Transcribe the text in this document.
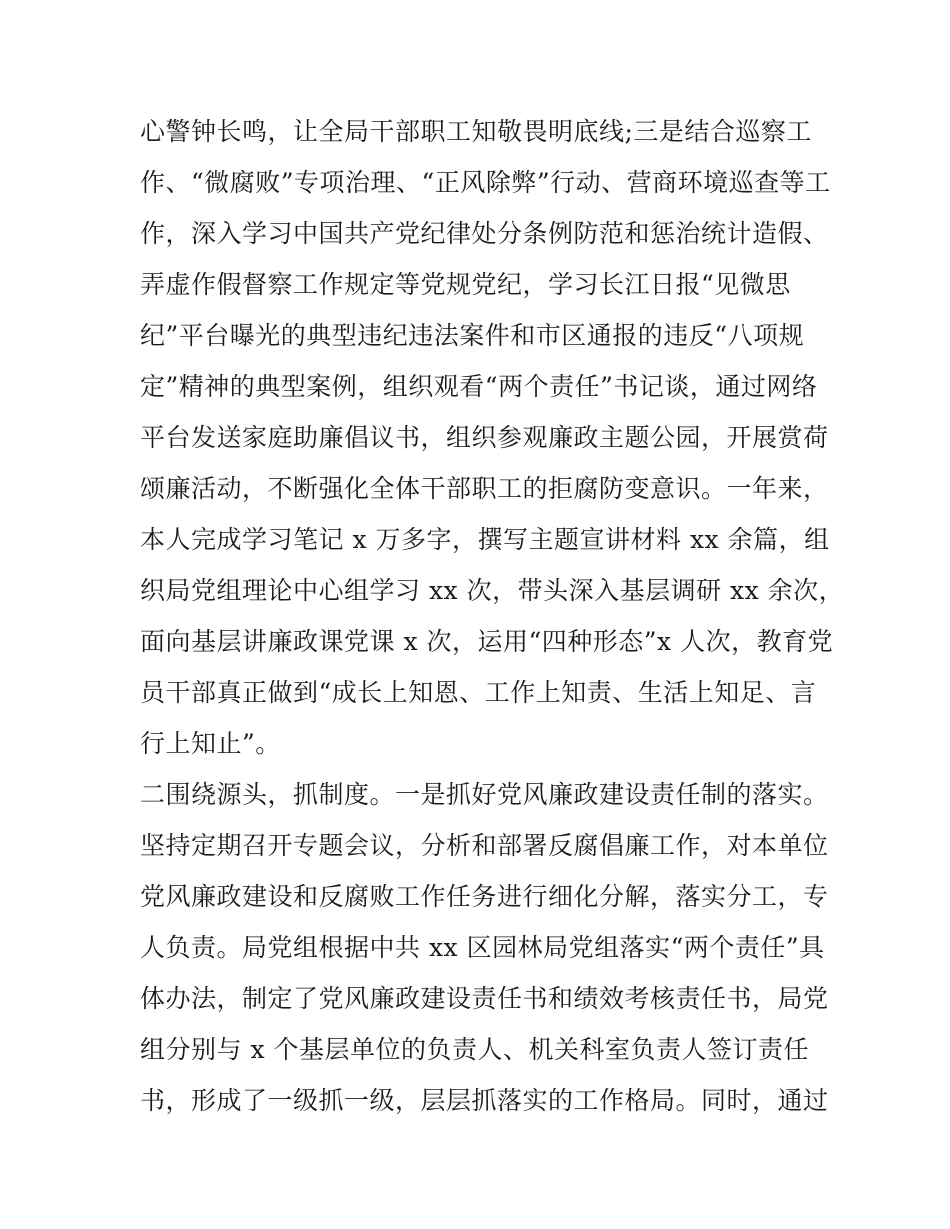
心警钟长鸣，让全局干部职工知敬畏明底线;三是结合巡察工
作、“微腐败”专项治理、“正风除弊”行动、营商环境巡查等工
作，深入学习中国共产党纪律处分条例防范和惩治统计造假、
弄虚作假督察工作规定等党规党纪，学习长江日报“见微思
纪”平台曝光的典型违纪违法案件和市区通报的违反“八项规
定”精神的典型案例，组织观看“两个责任”书记谈，通过网络
平台发送家庭助廉倡议书，组织参观廉政主题公园，开展赏荷
颂廉活动，不断强化全体干部职工的拒腐防变意识。一年来，
本人完成学习笔记 x 万多字，撰写主题宣讲材料 xx 余篇，组
织局党组理论中心组学习 xx 次，带头深入基层调研 xx 余次，
面向基层讲廉政课党课 x 次，运用“四种形态”x 人次，教育党
员干部真正做到“成长上知恩、工作上知责、生活上知足、言
行上知止”。
二围绕源头，抓制度。一是抓好党风廉政建设责任制的落实。
坚持定期召开专题会议，分析和部署反腐倡廉工作，对本单位
党风廉政建设和反腐败工作任务进行细化分解，落实分工，专
人负责。局党组根据中共 xx 区园林局党组落实“两个责任”具
体办法，制定了党风廉政建设责任书和绩效考核责任书，局党
组分别与 x 个基层单位的负责人、机关科室负责人签订责任
书，形成了一级抓一级，层层抓落实的工作格局。同时，通过
